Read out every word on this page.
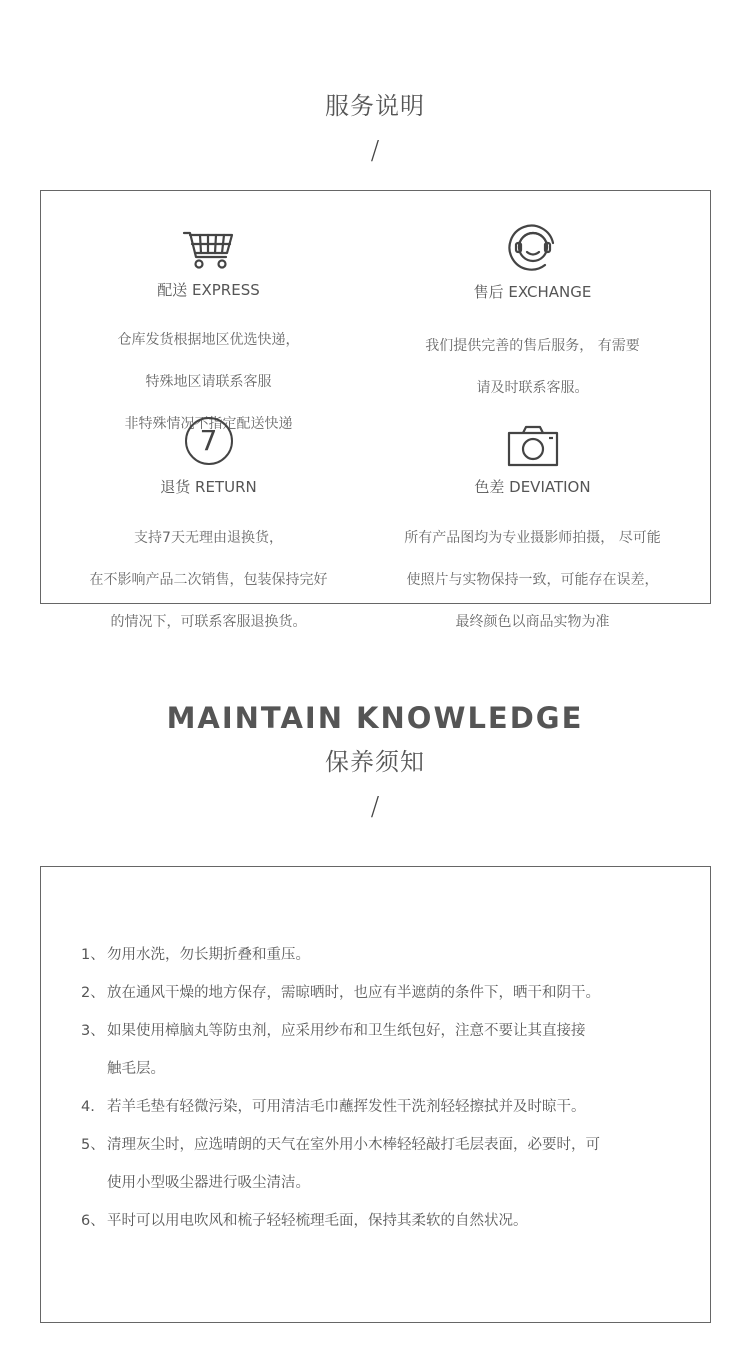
服务说明
/
配送 EXPRESS

仓库发货根据地区优选快递，

特殊地区请联系客服

非特殊情况不指定配送快递

售后 EXCHANGE

我们提供完善的售后服务， 有需要

请及时联系客服。

7
退货 RETURN

支持7天无理由退换货，

在不影响产品二次销售，包装保持完好

的情况下，可联系客服退换货。

色差 DEVIATION

所有产品图均为专业摄影师拍摄， 尽可能

使照片与实物保持一致，可能存在误差，

最终颜色以商品实物为准

MAINTAIN KNOWLEDGE
保养须知
/
1、 勿用水洗，勿长期折叠和重压。
2、 放在通风干燥的地方保存，需晾晒时，也应有半遮荫的条件下，晒干和阴干。
3、 如果使用樟脑丸等防虫剂，应采用纱布和卫生纸包好，注意不要让其直接接
触毛层。
4. 若羊毛垫有轻微污染，可用清洁毛巾蘸挥发性干洗剂轻轻擦拭并及时晾干。
5、 清理灰尘时，应选晴朗的天气在室外用小木棒轻轻敲打毛层表面，必要时，可
使用小型吸尘器进行吸尘清洁。
6、 平时可以用电吹风和梳子轻轻梳理毛面，保持其柔软的自然状况。
